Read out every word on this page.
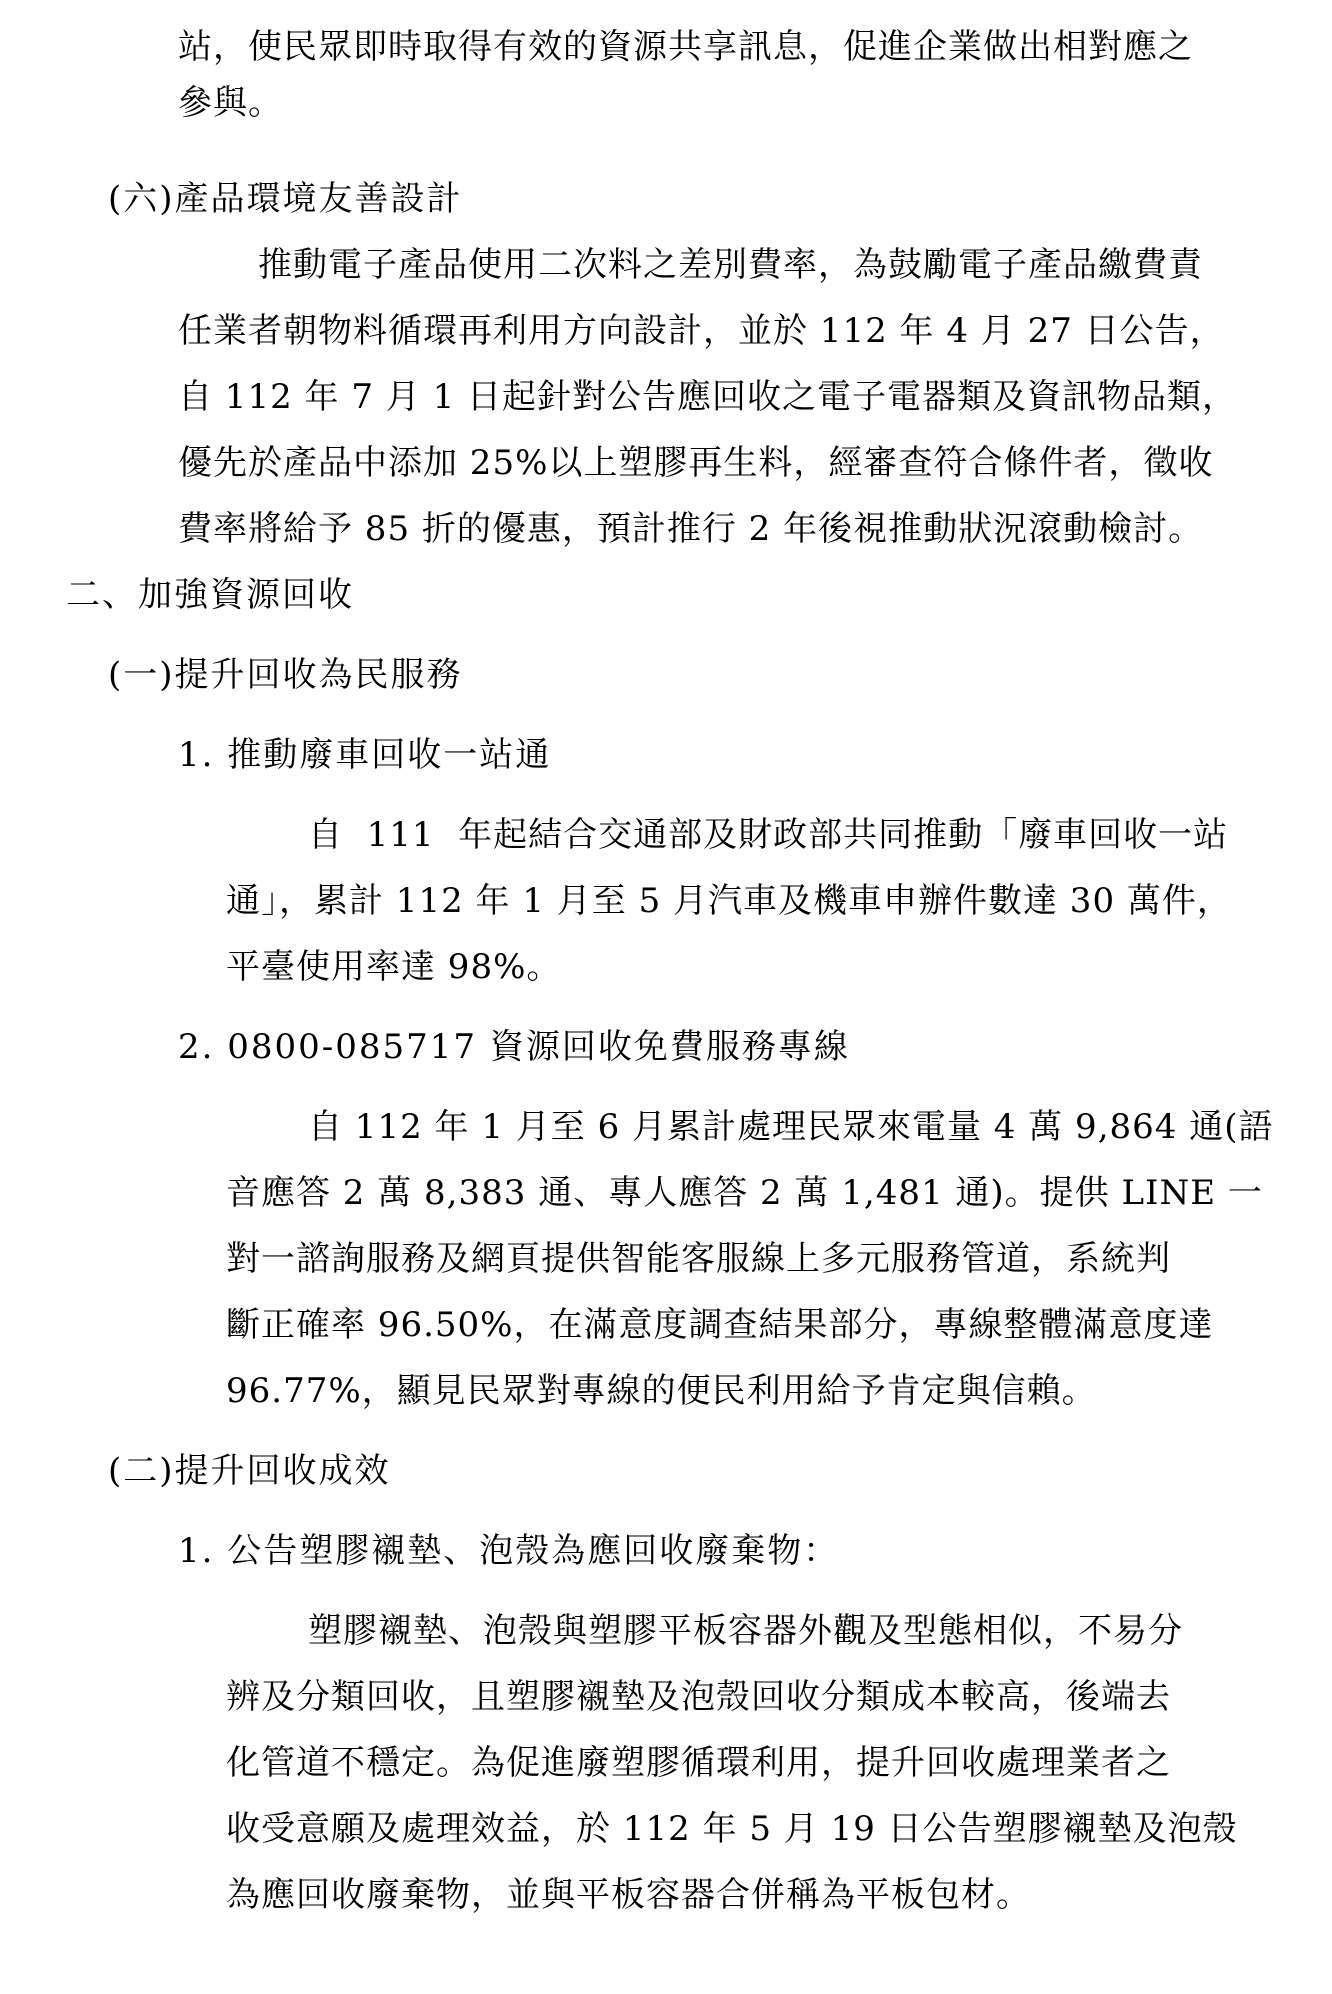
站，使民眾即時取得有效的資源共享訊息，促進企業做出相對應之
參與。
(六)產品環境友善設計
推動電子產品使用二次料之差別費率，為鼓勵電子產品繳費責
任業者朝物料循環再利用方向設計，並於 112 年 4 月 27 日公告，
自 112 年 7 月 1 日起針對公告應回收之電子電器類及資訊物品類，
優先於產品中添加 25%以上塑膠再生料，經審查符合條件者，徵收
費率將給予 85 折的優惠，預計推行 2 年後視推動狀況滾動檢討。
二、加強資源回收
(一)提升回收為民服務
1. 推動廢車回收一站通
自  111  年起結合交通部及財政部共同推動「廢車回收一站
通」，累計 112 年 1 月至 5 月汽車及機車申辦件數達 30 萬件，
平臺使用率達 98%。
2. 0800-085717 資源回收免費服務專線
自 112 年 1 月至 6 月累計處理民眾來電量 4 萬 9,864 通(語
音應答 2 萬 8,383 通、專人應答 2 萬 1,481 通)。提供 LINE 一
對一諮詢服務及網頁提供智能客服線上多元服務管道，系統判
斷正確率 96.50%，在滿意度調查結果部分，專線整體滿意度達
96.77%，顯見民眾對專線的便民利用給予肯定與信賴。
(二)提升回收成效
1. 公告塑膠襯墊、泡殼為應回收廢棄物：
塑膠襯墊、泡殼與塑膠平板容器外觀及型態相似，不易分
辨及分類回收，且塑膠襯墊及泡殼回收分類成本較高，後端去
化管道不穩定。為促進廢塑膠循環利用，提升回收處理業者之
收受意願及處理效益，於 112 年 5 月 19 日公告塑膠襯墊及泡殼
為應回收廢棄物，並與平板容器合併稱為平板包材。
